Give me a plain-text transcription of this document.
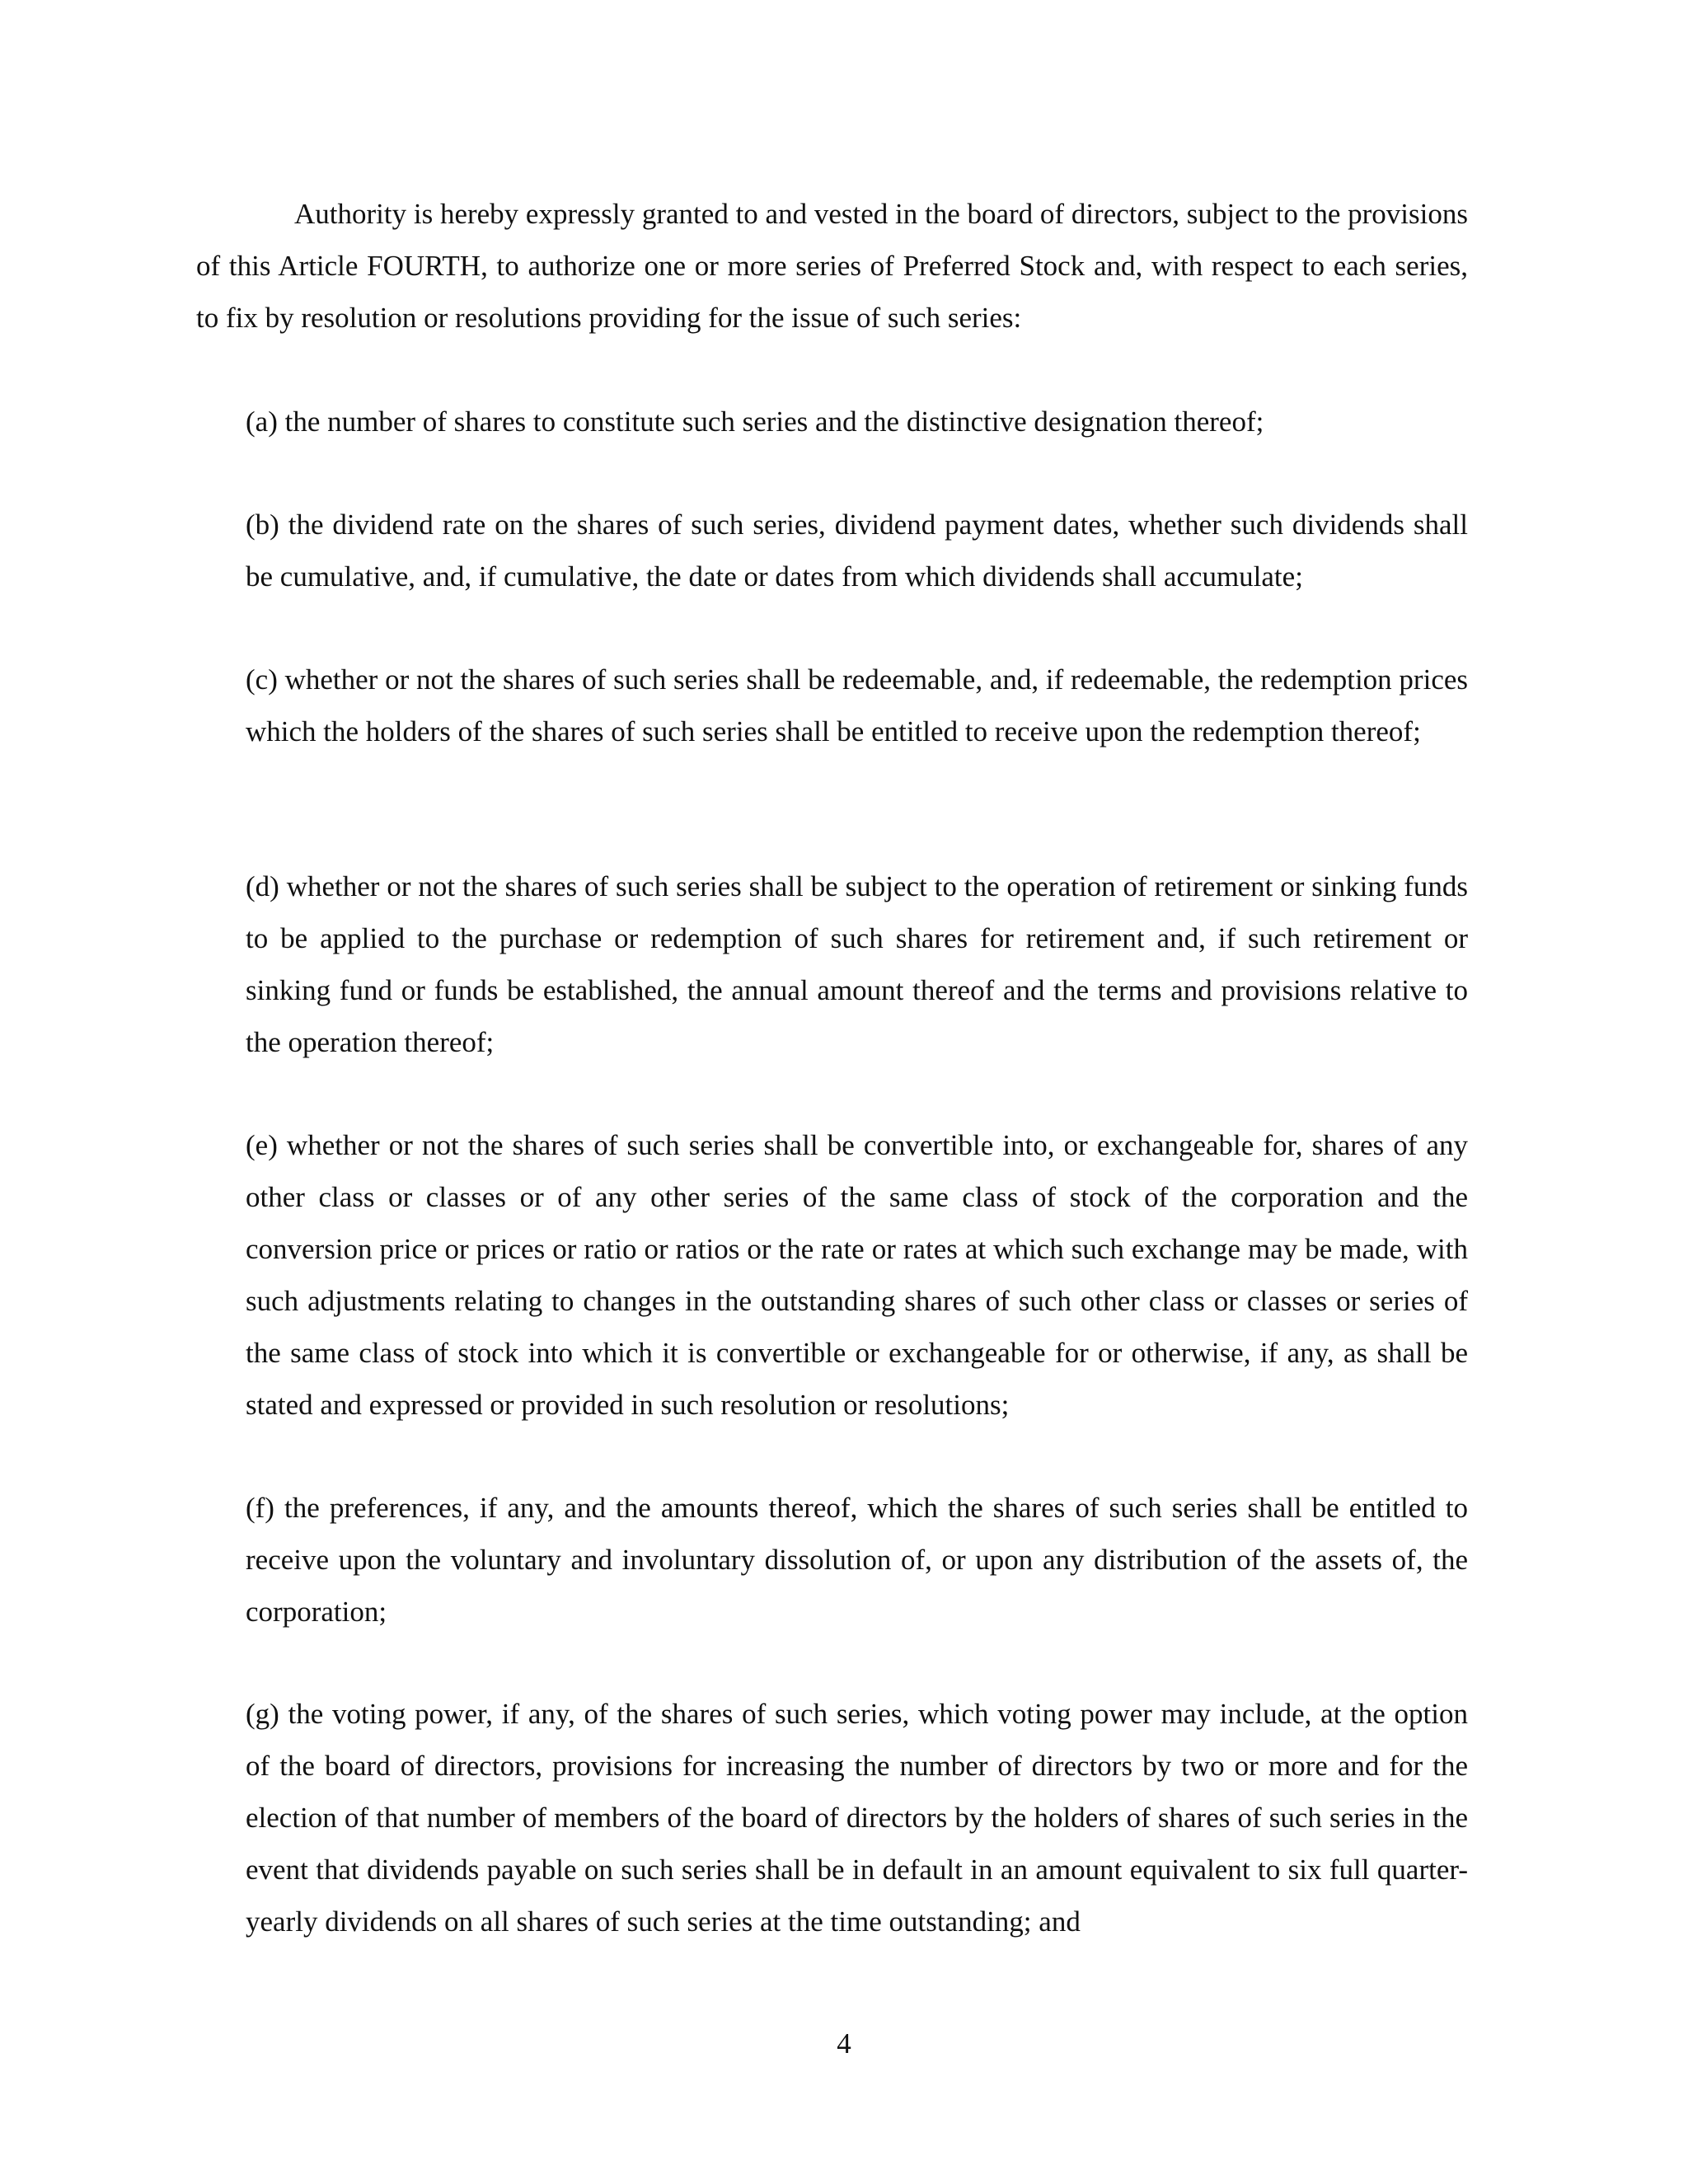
Authority is hereby expressly granted to and vested in the board of directors, subject to the provisions of this Article FOURTH, to authorize one or more series of Preferred Stock and, with respect to each series, to fix by resolution or resolutions providing for the issue of such series:

(a) the number of shares to constitute such series and the distinctive designation thereof;

(b) the dividend rate on the shares of such series, dividend payment dates, whether such dividends shall be cumulative, and, if cumulative, the date or dates from which dividends shall accumulate;

(c) whether or not the shares of such series shall be redeemable, and, if redeemable, the redemption prices which the holders of the shares of such series shall be entitled to receive upon the redemption thereof;

(d) whether or not the shares of such series shall be subject to the operation of retirement or sinking funds to be applied to the purchase or redemption of such shares for retirement and, if such retirement or sinking fund or funds be established, the annual amount thereof and the terms and provisions relative to the operation thereof;

(e) whether or not the shares of such series shall be convertible into, or exchangeable for, shares of any other class or classes or of any other series of the same class of stock of the corporation and the conversion price or prices or ratio or ratios or the rate or rates at which such exchange may be made, with such adjustments relating to changes in the outstanding shares of such other class or classes or series of the same class of stock into which it is convertible or exchangeable for or otherwise, if any, as shall be stated and expressed or provided in such resolution or resolutions;

(f) the preferences, if any, and the amounts thereof, which the shares of such series shall be entitled to receive upon the voluntary and involuntary dissolution of, or upon any distribution of the assets of, the corporation;

(g) the voting power, if any, of the shares of such series, which voting power may include, at the option of the board of directors, provisions for increasing the number of directors by two or more and for the election of that number of members of the board of directors by the holders of shares of such series in the event that dividends payable on such series shall be in default in an amount equivalent to six full quarter-yearly dividends on all shares of such series at the time outstanding; and

4
